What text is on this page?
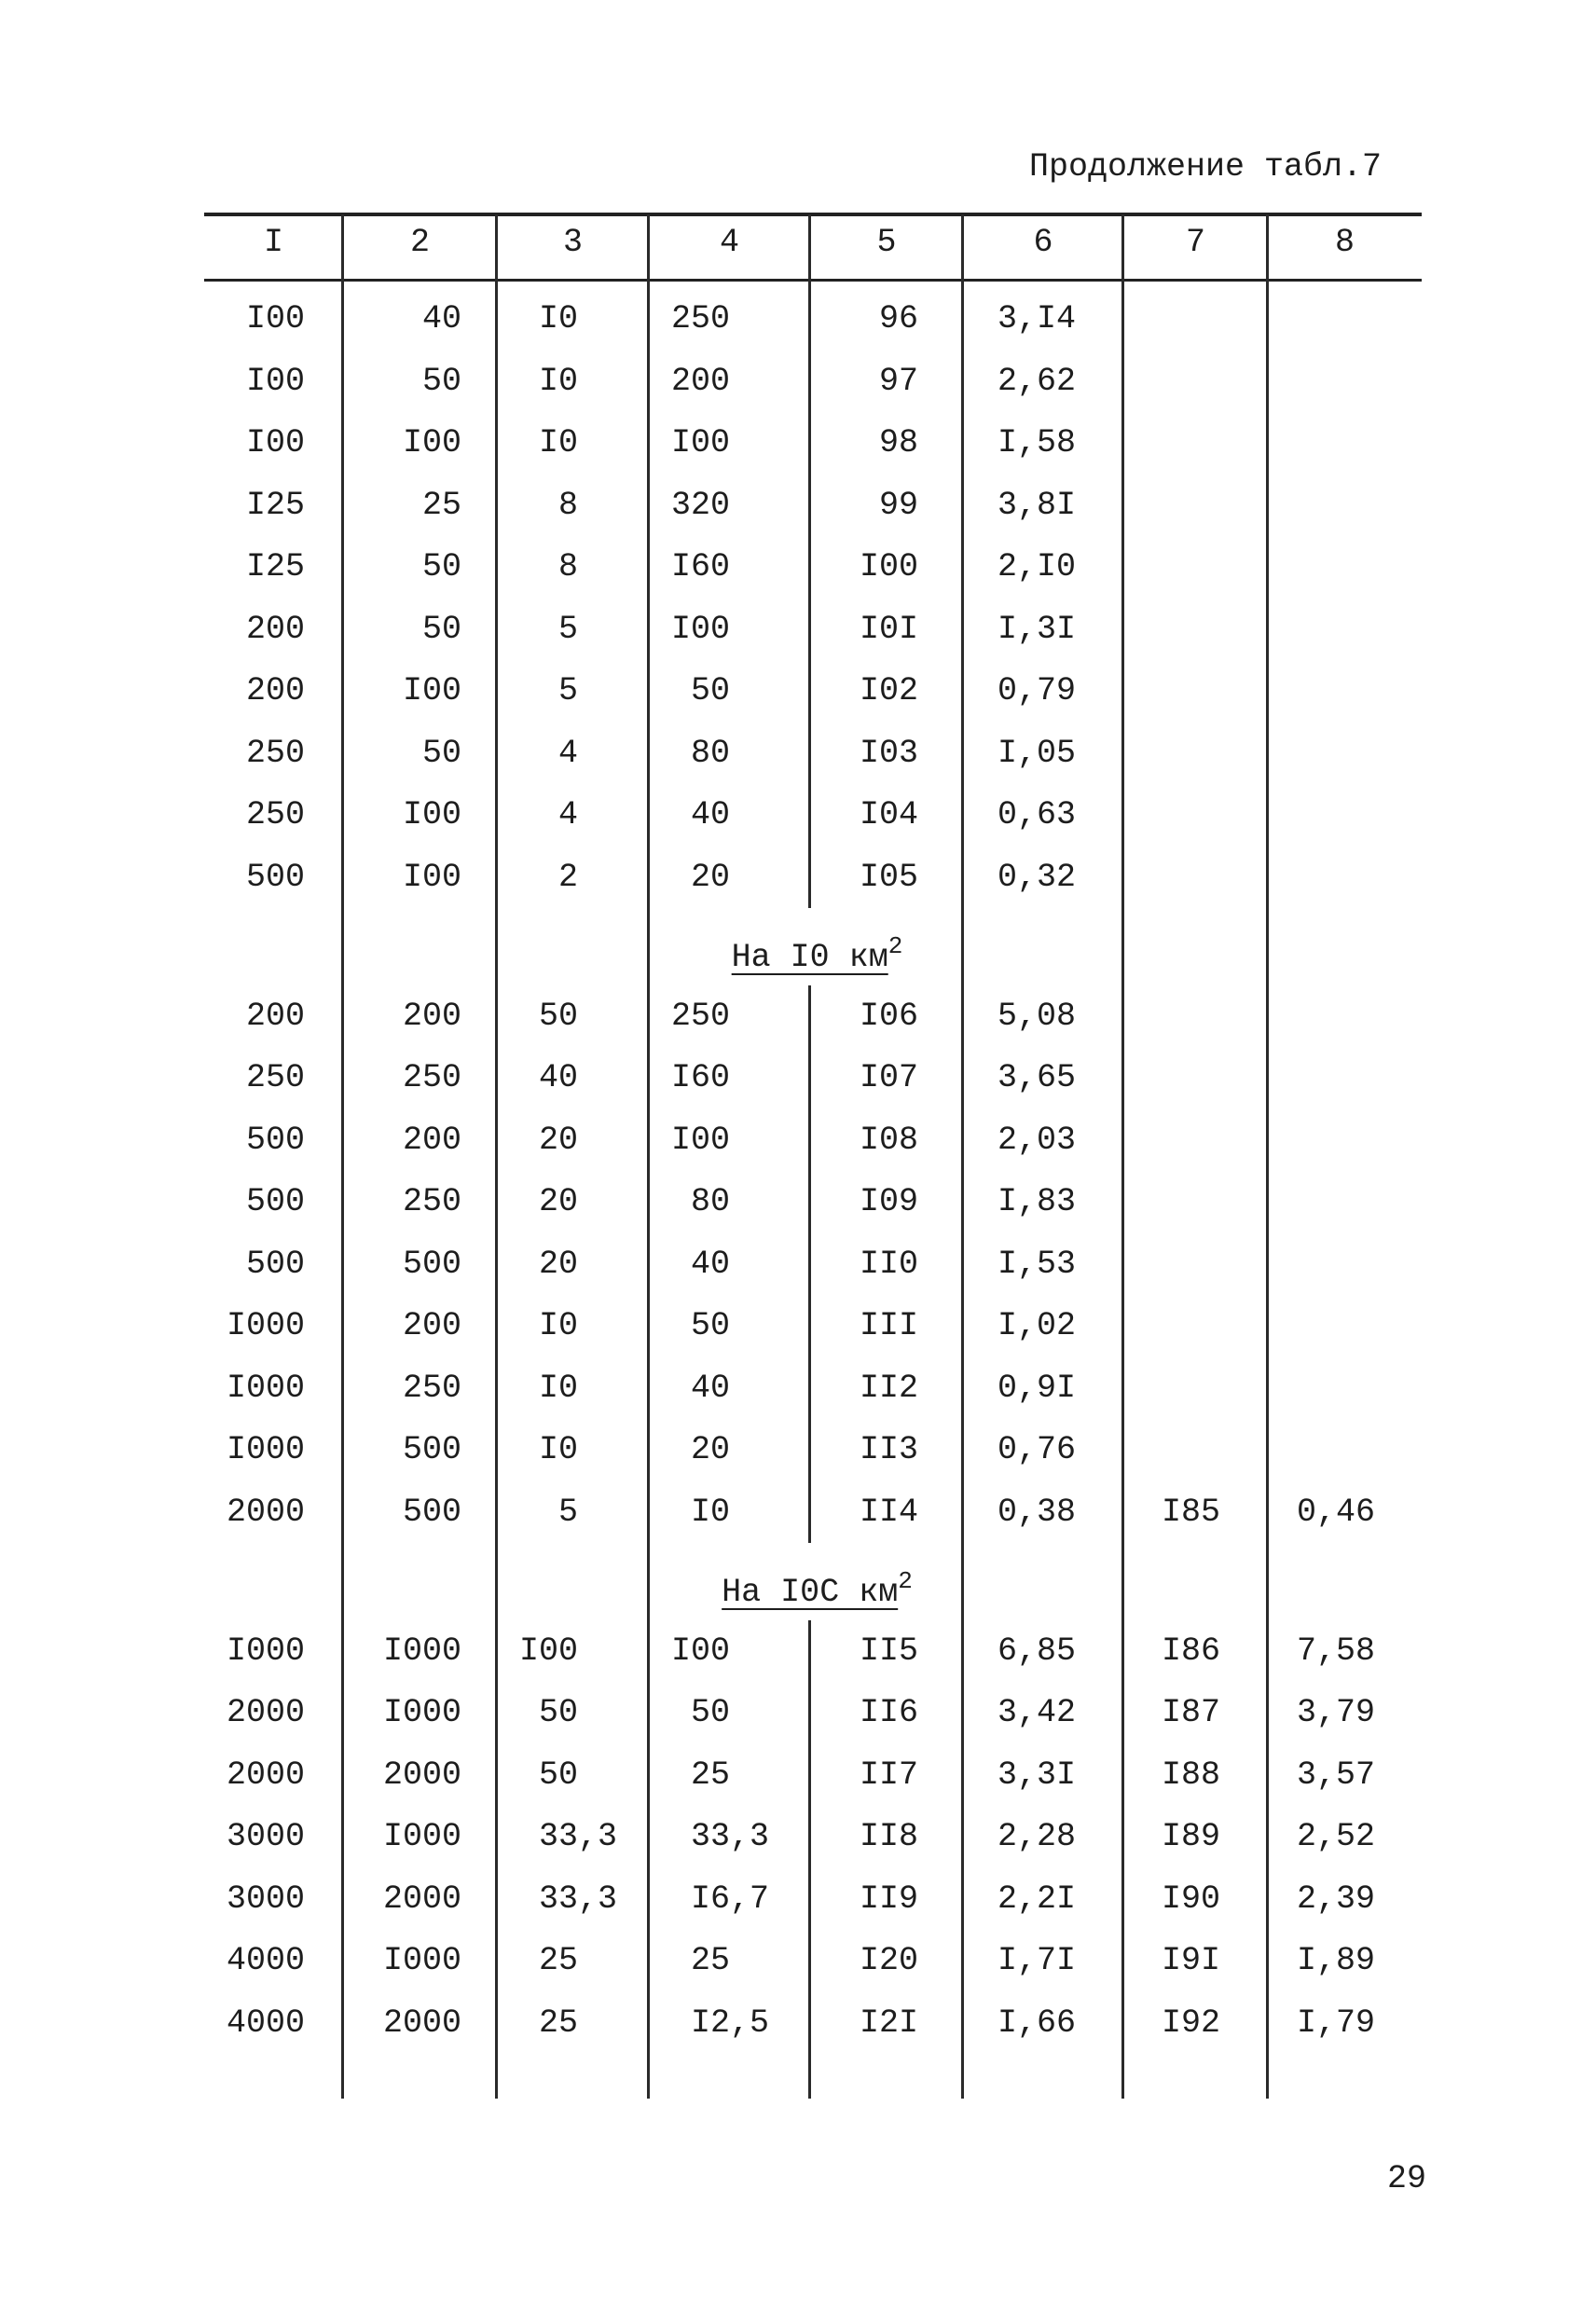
Продолжение табл.7
I	2	3	4	5	6	7	8
I00	40	I0	250	96	3,I4
I00	50	I0	200	97	2,62
I00	I00	I0	I00	98	I,58
I25	25	8	320	99	3,8I
I25	50	8	I60	I00	2,I0
200	50	5	I00	I0I	I,3I
200	I00	5	50	I02	0,79
250	50	4	80	I03	I,05
250	I00	4	40	I04	0,63
500	I00	2	20	I05	0,32
На I0 $км^2$
200	200	50	250	I06	5,08
250	250	40	I60	I07	3,65
500	200	20	I00	I08	2,03
500	250	20	80	I09	I,83
500	500	20	40	II0	I,53
I000	200	I0	50	III	I,02
I000	250	I0	40	II2	0,9I
I000	500	I0	20	II3	0,76
2000	500	5	I0	II4	0,38	I85	0,46
На I0C $км^2$
I000	I000	I00	I00	II5	6,85	I86	7,58
2000	I000	50	50	II6	3,42	I87	3,79
2000	2000	50	25	II7	3,3I	I88	3,57
3000	I000	33,3	33,3	II8	2,28	I89	2,52
3000	2000	33,3	I6,7	II9	2,2I	I90	2,39
4000	I000	25	25	I20	I,7I	I9I	I,89
4000	2000	25	I2,5	I2I	I,66	I92	I,79
29
